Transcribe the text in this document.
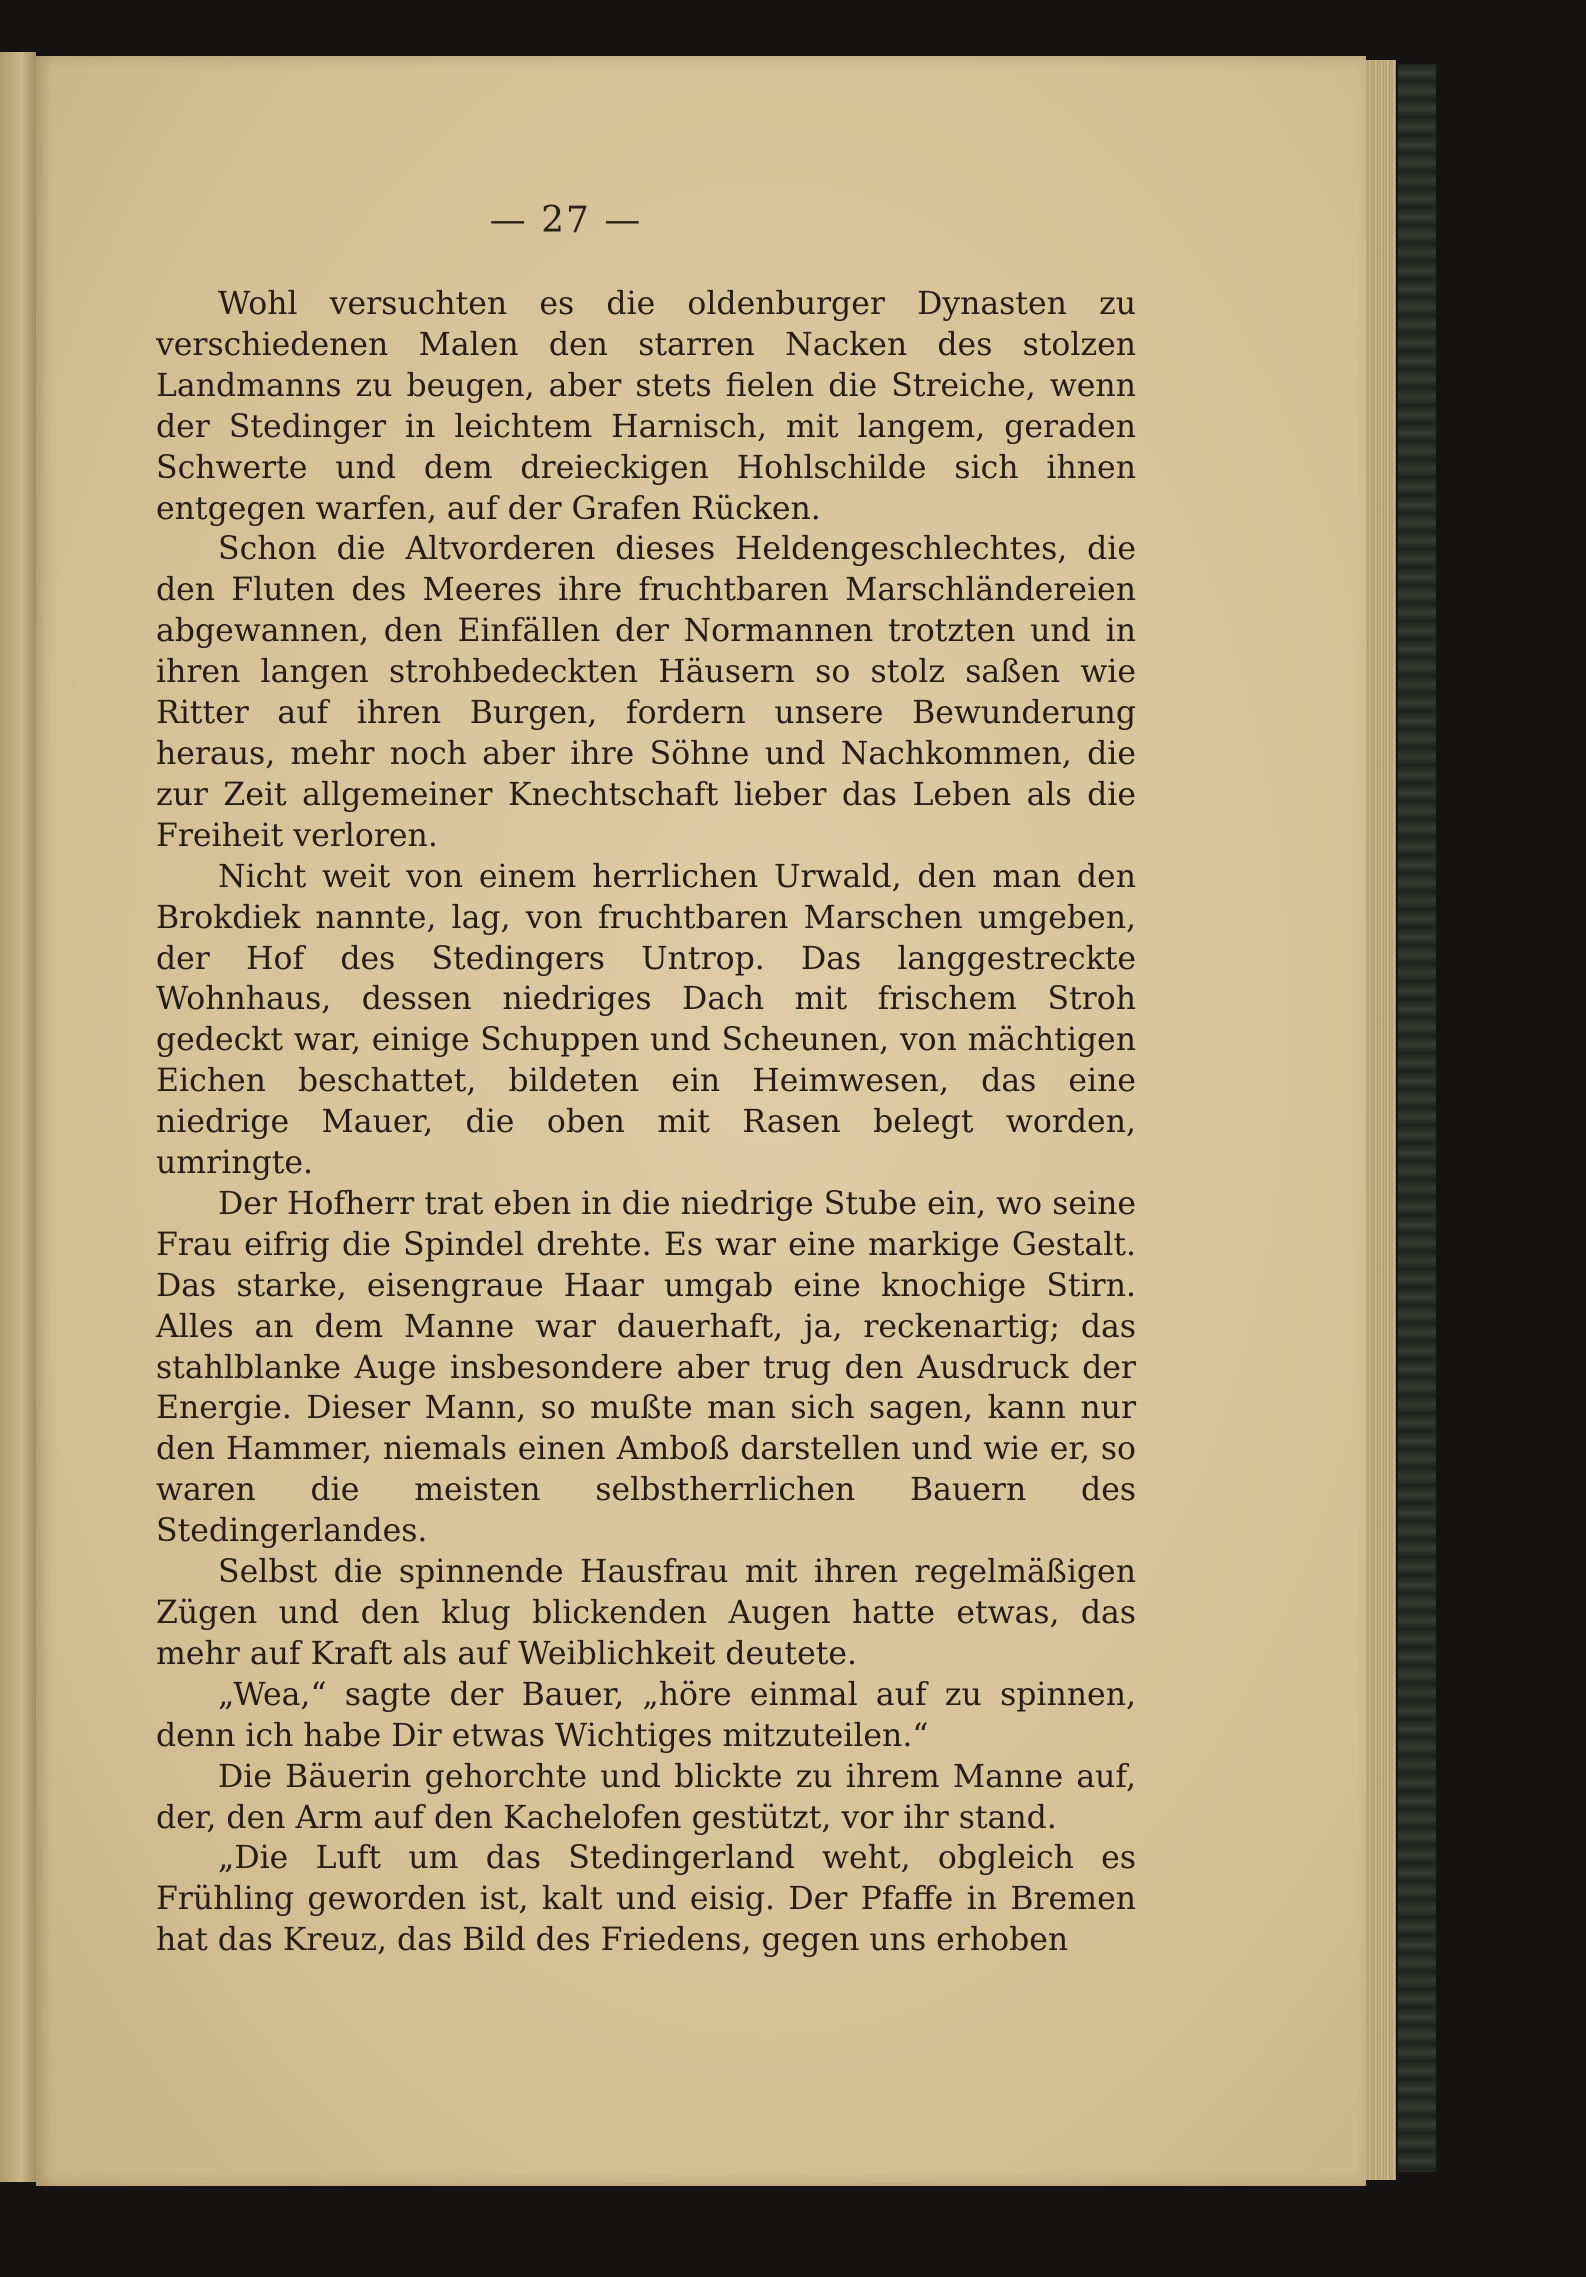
— 27 —

Wohl versuchten es die oldenburger Dynasten zu verschiedenen Malen den starren Nacken des stolzen Landmanns zu beugen, aber stets fielen die Streiche, wenn der Stedinger in leichtem Harnisch, mit langem, geraden Schwerte und dem dreieckigen Hohlschilde sich ihnen entgegen warfen, auf der Grafen Rücken.

Schon die Altvorderen dieses Heldengeschlechtes, die den Fluten des Meeres ihre fruchtbaren Marschländereien abgewannen, den Einfällen der Normannen trotzten und in ihren langen strohbedeckten Häusern so stolz saßen wie Ritter auf ihren Burgen, fordern unsere Bewunderung heraus, mehr noch aber ihre Söhne und Nachkommen, die zur Zeit allgemeiner Knechtschaft lieber das Leben als die Freiheit verloren.

Nicht weit von einem herrlichen Urwald, den man den Brokdiek nannte, lag, von fruchtbaren Marschen umgeben, der Hof des Stedingers Untrop. Das langgestreckte Wohnhaus, dessen niedriges Dach mit frischem Stroh gedeckt war, einige Schuppen und Scheunen, von mächtigen Eichen beschattet, bildeten ein Heimwesen, das eine niedrige Mauer, die oben mit Rasen belegt worden, umringte.

Der Hofherr trat eben in die niedrige Stube ein, wo seine Frau eifrig die Spindel drehte. Es war eine markige Gestalt. Das starke, eisengraue Haar umgab eine knochige Stirn. Alles an dem Manne war dauerhaft, ja, reckenartig; das stahlblanke Auge insbesondere aber trug den Ausdruck der Energie. Dieser Mann, so mußte man sich sagen, kann nur den Hammer, niemals einen Amboß darstellen und wie er, so waren die meisten selbstherrlichen Bauern des Stedingerlandes.

Selbst die spinnende Hausfrau mit ihren regelmäßigen Zügen und den klug blickenden Augen hatte etwas, das mehr auf Kraft als auf Weiblichkeit deutete.

„Wea,“ sagte der Bauer, „höre einmal auf zu spinnen, denn ich habe Dir etwas Wichtiges mitzuteilen.“

Die Bäuerin gehorchte und blickte zu ihrem Manne auf, der, den Arm auf den Kachelofen gestützt, vor ihr stand.

„Die Luft um das Stedingerland weht, obgleich es Frühling geworden ist, kalt und eisig. Der Pfaffe in Bremen hat das Kreuz, das Bild des Friedens, gegen uns erhoben
